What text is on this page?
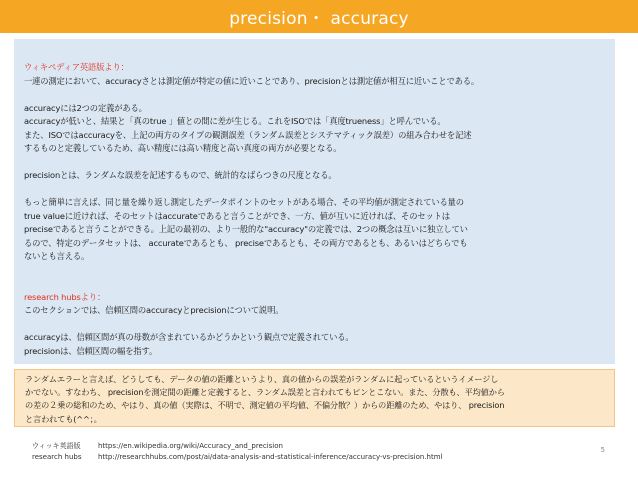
precision・ accuracy

ウィキペディア英語版より：

一連の測定において、accuracyさとは測定値が特定の値に近いことであり、precisionとは測定値が相互に近いことである。

accuracyには2つの定義がある。

accuracyが低いと、結果と「真のtrue 」値との間に差が生じる。これをISOでは「真度trueness」と呼んでいる。

また、ISOではaccuracyを、上記の両方のタイプの観測誤差（ランダム誤差とシステマティック誤差）の組み合わせを記述

するものと定義しているため、高い精度には高い精度と高い真度の両方が必要となる。

precisionとは、ランダムな誤差を記述するもので、統計的なばらつきの尺度となる。

もっと簡単に言えば、同じ量を繰り返し測定したデータポイントのセットがある場合、その平均値が測定されている量の

true valueに近ければ、そのセットはaccurateであると言うことができ、一方、値が互いに近ければ、そのセットは

preciseであると言うことができる。上記の最初の、より一般的な"accuracy"の定義では、2つの概念は互いに独立してい

るので、特定のデータセットは、 accurateであるとも、 preciseであるとも、その両方であるとも、あるいはどちらでも

ないとも言える。

research hubsより：

このセクションでは、信頼区間のaccuracyとprecisionについて説明。

accuracyは、信頼区間が真の母数が含まれているかどうかという観点で定義されている。

precisionは、信頼区間の幅を指す。

ランダムエラーと言えば、どうしても、データの値の距離というより、真の値からの誤差がランダムに起っているというイメージし

かでない。すなわち、 precisionを測定間の距離と定義すると、ランダム誤差と言われてもピンとこない。また、分散も、平均値から

の差の２乗の総和のため、やはり、真の値（実際は、不明で、測定値の平均値、不偏分散？）からの距離のため、やはり、 precision

と言われても(^^；。

ウィッキ英語版	https://en.wikipedia.org/wiki/Accuracy_and_precision
research hubs	http://researchhubs.com/post/ai/data-analysis-and-statistical-inference/accuracy-vs-precision.html
5
